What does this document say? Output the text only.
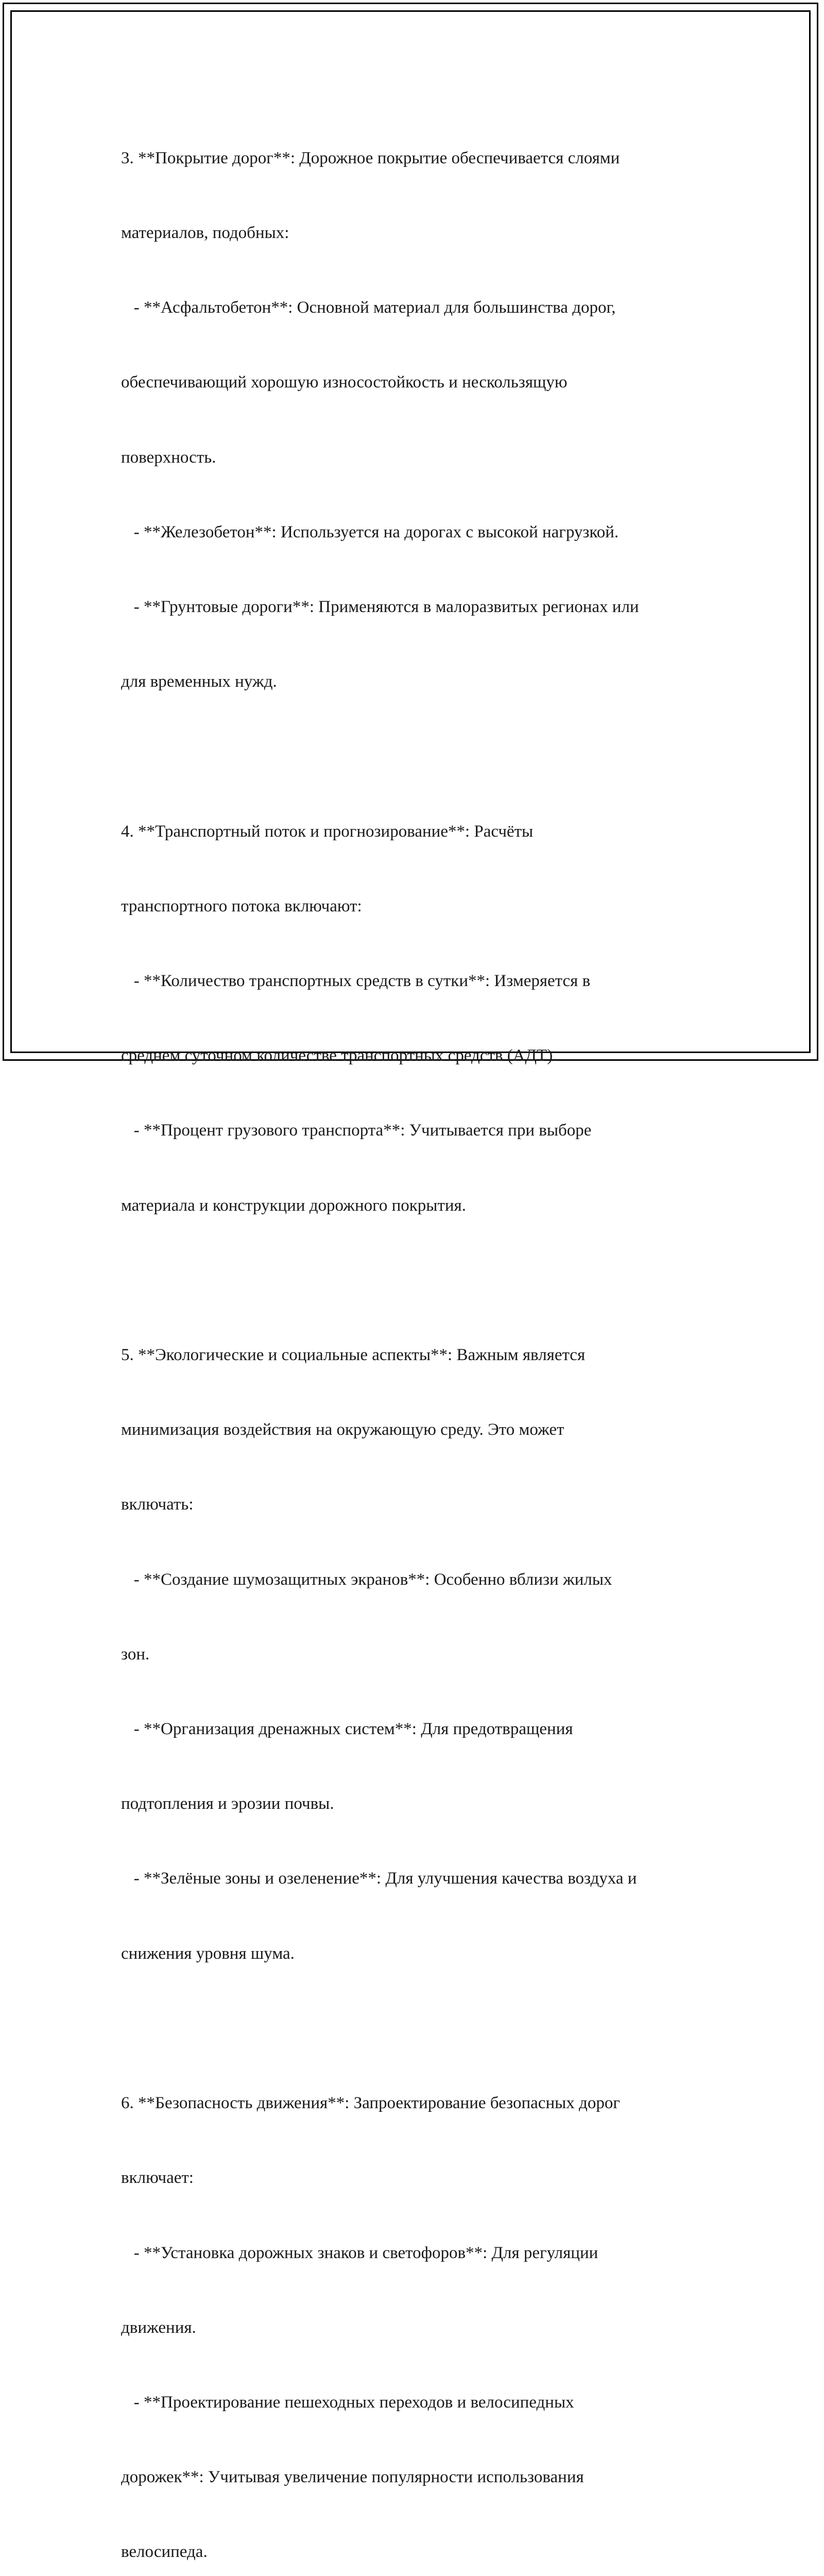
3. **Покрытие дорог**: Дорожное покрытие обеспечивается слоями

материалов, подобных:

- **Асфальтобетон**: Основной материал для большинства дорог,

обеспечивающий хорошую износостойкость и нескользящую

поверхность.

- **Железобетон**: Используется на дорогах с высокой нагрузкой.

- **Грунтовые дороги**: Применяются в малоразвитых регионах или

для временных нужд.

4. **Транспортный поток и прогнозирование**: Расчёты

транспортного потока включают:

- **Количество транспортных средств в сутки**: Измеряется в

среднем суточном количестве транспортных средств (АДТ).

- **Процент грузового транспорта**: Учитывается при выборе

материала и конструкции дорожного покрытия.

5. **Экологические и социальные аспекты**: Важным является

минимизация воздействия на окружающую среду. Это может

включать:

- **Создание шумозащитных экранов**: Особенно вблизи жилых

зон.

- **Организация дренажных систем**: Для предотвращения

подтопления и эрозии почвы.

- **Зелёные зоны и озеленение**: Для улучшения качества воздуха и

снижения уровня шума.

6. **Безопасность движения**: Запроектирование безопасных дорог

включает:

- **Установка дорожных знаков и светофоров**: Для регуляции

движения.

- **Проектирование пешеходных переходов и велосипедных

дорожек**: Учитывая увеличение популярности использования

велосипеда.
